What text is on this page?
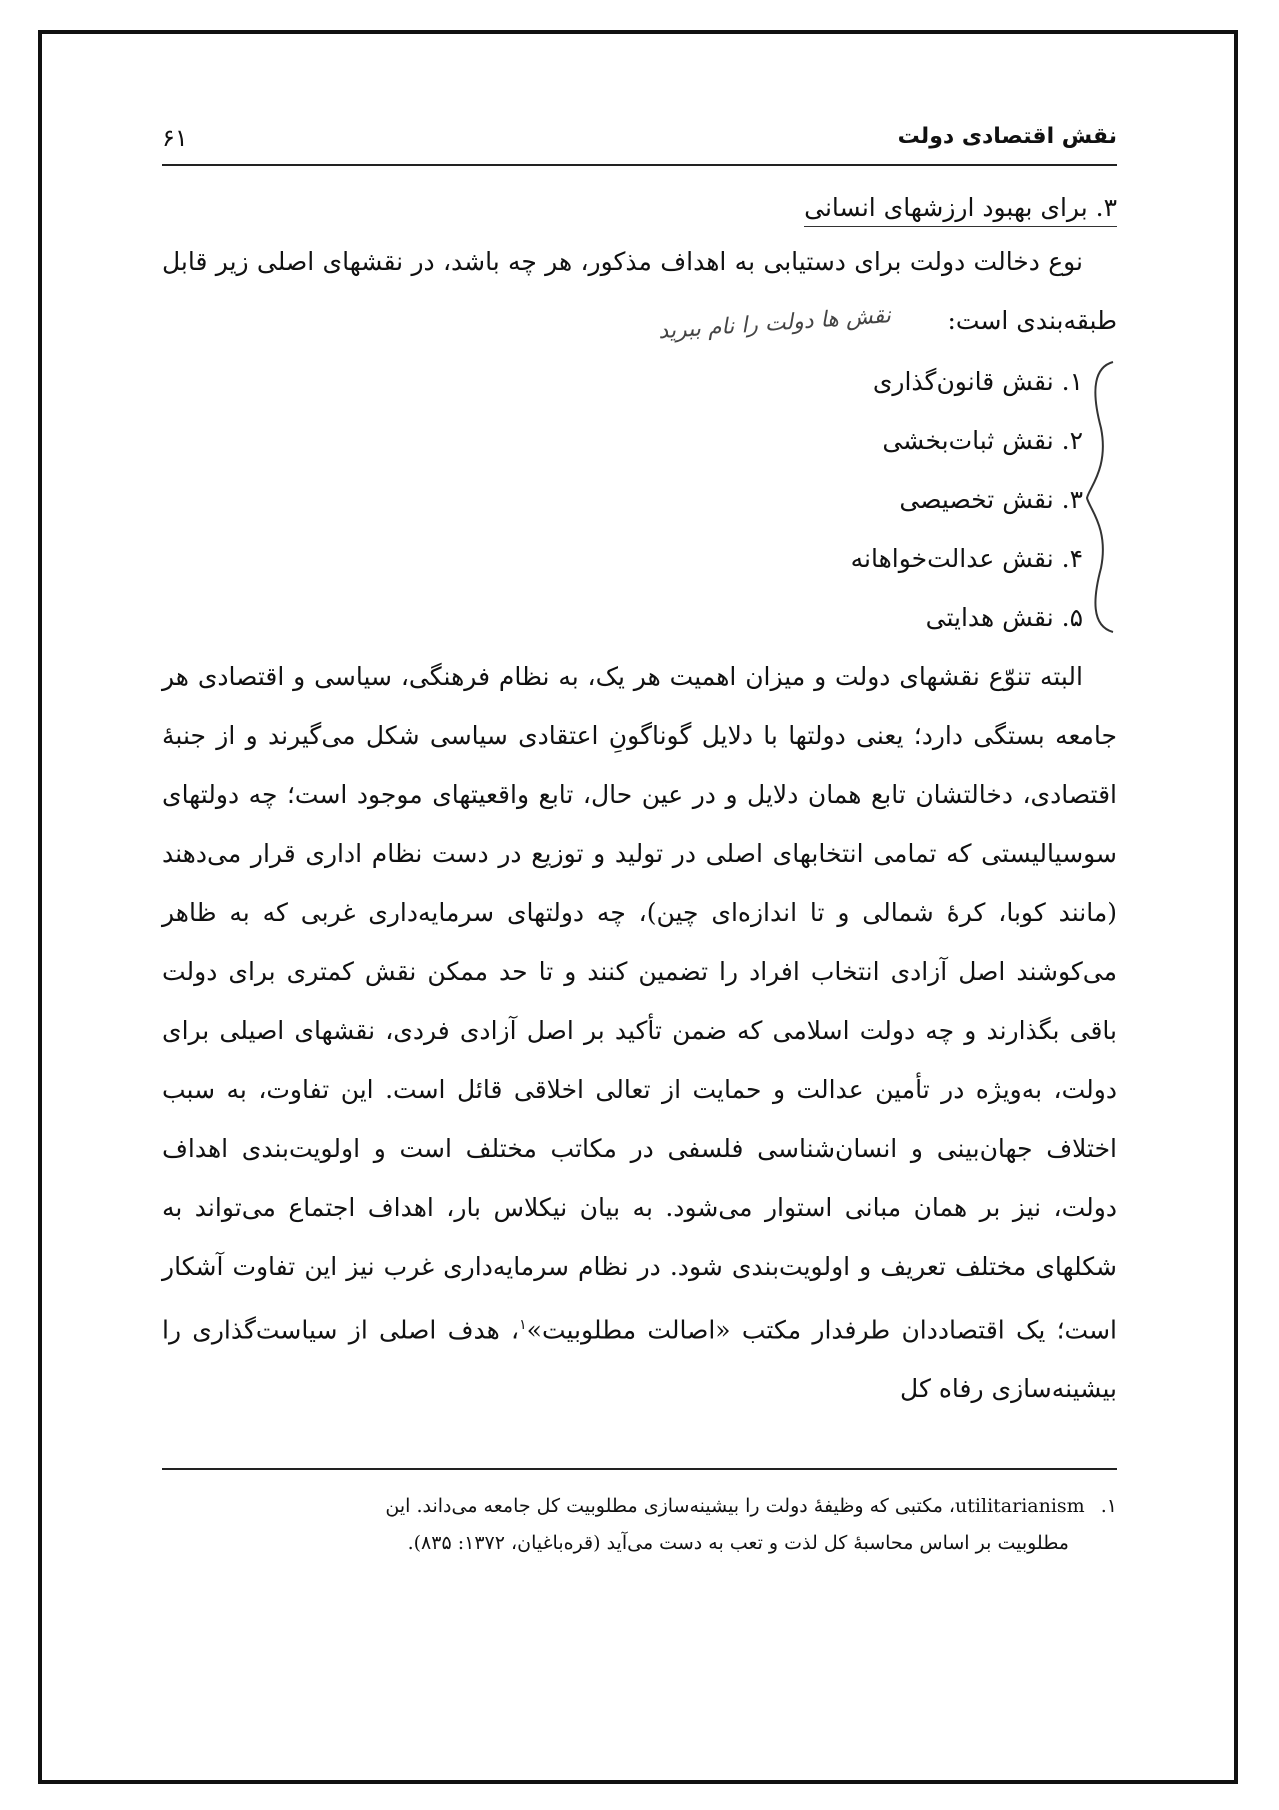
نقش اقتصادی دولت
۶۱
۳. برای بهبود ارزشهای انسانی

نوع دخالت دولت برای دستیابی به اهداف مذکور، هر چه باشد، در نقشهای اصلی زیر قابل طبقه‌بندی است: نقش ها دولت را نام ببرید

۱. نقش قانون‌گذاری
۲. نقش ثبات‌بخشی
۳. نقش تخصیصی
۴. نقش عدالت‌خواهانه
۵. نقش هدایتی

البته تنوّع نقشهای دولت و میزان اهمیت هر یک، به نظام فرهنگی، سیاسی و اقتصادی هر جامعه بستگی دارد؛ یعنی دولتها با دلایل گوناگونِ اعتقادی سیاسی شکل می‌گیرند و از جنبهٔ اقتصادی، دخالتشان تابع همان دلایل و در عین حال، تابع واقعیتهای موجود است؛ چه دولتهای سوسیالیستی که تمامی انتخابهای اصلی در تولید و توزیع در دست نظام اداری قرار می‌دهند (مانند کوبا، کرهٔ شمالی و تا اندازه‌ای چین)، چه دولتهای سرمایه‌داری غربی که به ظاهر می‌کوشند اصل آزادی انتخاب افراد را تضمین کنند و تا حد ممکن نقش کمتری برای دولت باقی بگذارند و چه دولت اسلامی که ضمن تأکید بر اصل آزادی فردی، نقشهای اصیلی برای دولت، به‌ویژه در تأمین عدالت و حمایت از تعالی اخلاقی قائل است. این تفاوت، به سبب اختلاف جهان‌بینی و انسان‌شناسی فلسفی در مکاتب مختلف است و اولویت‌بندی اهداف دولت، نیز بر همان مبانی استوار می‌شود. به بیان نیکلاس بار، اهداف اجتماع می‌تواند به شکلهای مختلف تعریف و اولویت‌بندی شود. در نظام سرمایه‌داری غرب نیز این تفاوت آشکار است؛ یک اقتصاددان طرفدار مکتب «اصالت مطلوبیت»$^۱$، هدف اصلی از سیاست‌گذاری را بیشینه‌سازی رفاه کل

۱. utilitarianism، مکتبی که وظیفهٔ دولت را بیشینه‌سازی مطلوبیت کل جامعه می‌داند. این
مطلوبیت بر اساس محاسبهٔ کل لذت و تعب به دست می‌آید (قره‌باغیان، ۱۳۷۲: ۸۳۵).
